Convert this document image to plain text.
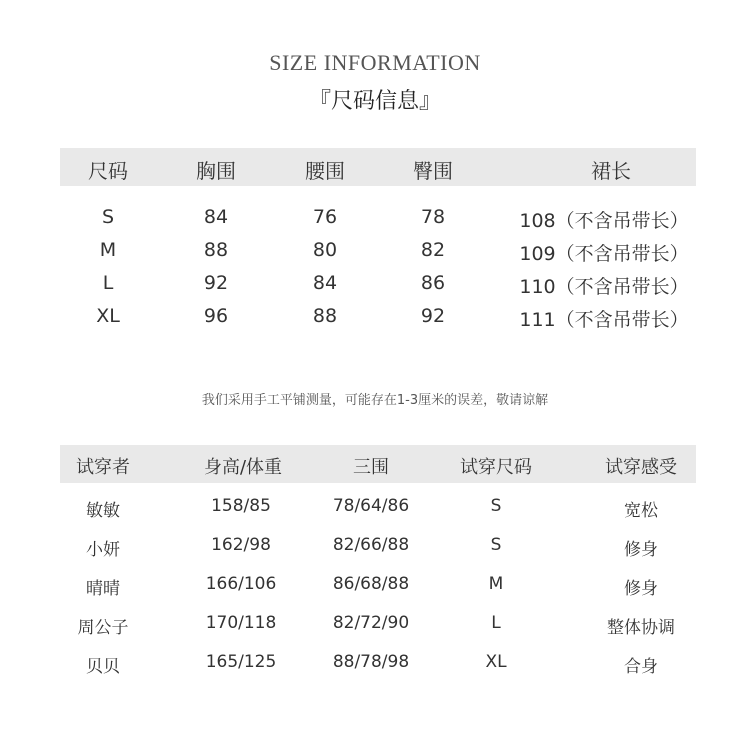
SIZE INFORMATION
『尺码信息』
尺码	胸围	腰围	臀围	裙长
S	84	76	78	108（不含吊带长）
M	88	80	82	109（不含吊带长）
L	92	84	86	110（不含吊带长）
XL	96	88	92	111（不含吊带长）
我们采用手工平铺测量，可能存在1-3厘米的误差，敬请谅解
试穿者	身高/体重	三围	试穿尺码	试穿感受
敏敏	158/85	78/64/86	S	宽松
小妍	162/98	82/66/88	S	修身
晴晴	166/106	86/68/88	M	修身
周公子	170/118	82/72/90	L	整体协调
贝贝	165/125	88/78/98	XL	合身
